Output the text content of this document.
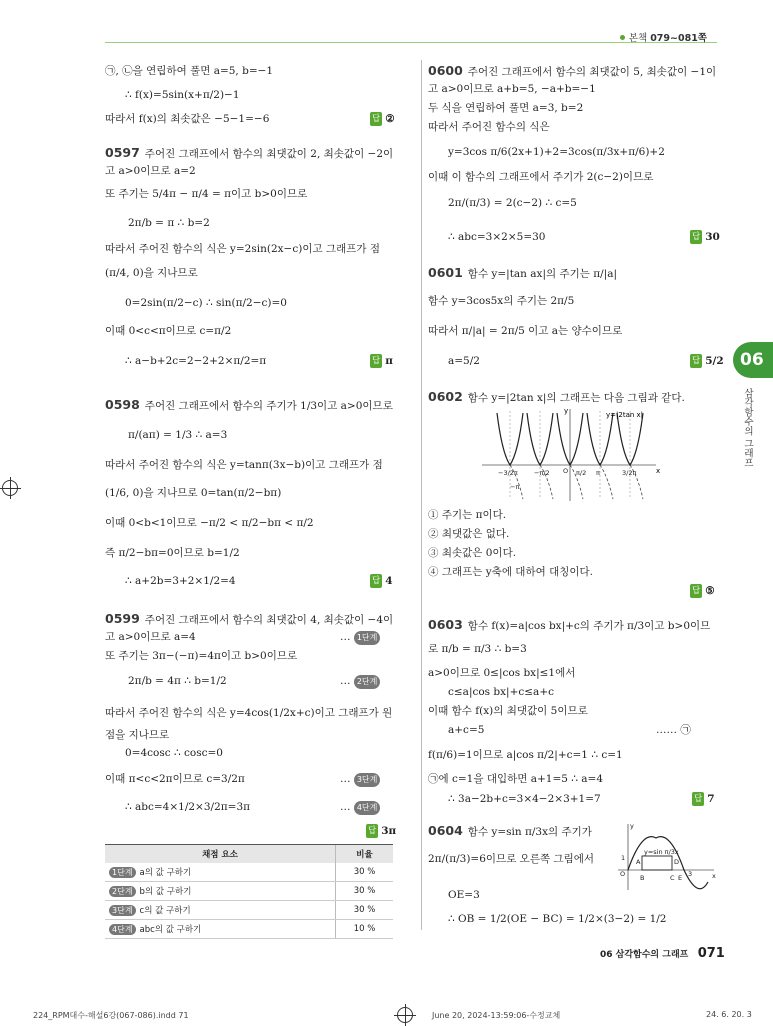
본책 079~081쪽
㉠, ㉡을 연립하여 풀면 a=5, b=−1
∴ f(x)=5sin(x+π/2)−1
따라서 f(x)의 최솟값은 −5−1=−6	답 ②
0597 주어진 그래프에서 함수의 최댓값이 2, 최솟값이 −2이
고 a>0이므로 a=2
또 주기는 5/4π − π/4 = π이고 b>0이므로
2π/b = π ∴ b=2
따라서 주어진 함수의 식은 y=2sin(2x−c)이고 그래프가 점
(π/4, 0)을 지나므로
0=2sin(π/2−c) ∴ sin(π/2−c)=0
이때 0<c<π이므로 c=π/2
∴ a−b+2c=2−2+2×π/2=π	답 π
0598 주어진 그래프에서 함수의 주기가 1/3이고 a>0이므로
π/(aπ) = 1/3 ∴ a=3
따라서 주어진 함수의 식은 y=tanπ(3x−b)이고 그래프가 점
(1/6, 0)을 지나므로 0=tan(π/2−bπ)
이때 0<b<1이므로 −π/2 < π/2−bπ < π/2
즉 π/2−bπ=0이므로 b=1/2
∴ a+2b=3+2×1/2=4	답 4
0599 주어진 그래프에서 함수의 최댓값이 4, 최솟값이 −4이
고 a>0이므로 a=4	… 1단계
또 주기는 3π−(−π)=4π이고 b>0이므로
2π/b = 4π ∴ b=1/2	… 2단계
따라서 주어진 함수의 식은 y=4cos(1/2x+c)이고 그래프가 원
점을 지나므로
0=4cosc ∴ cosc=0
이때 π<c<2π이므로 c=3/2π	… 3단계
∴ abc=4×1/2×3/2π=3π	… 4단계
답 3π
채점 요소	비율
1단계 a의 값 구하기	30 %
2단계 b의 값 구하기	30 %
3단계 c의 값 구하기	30 %
4단계 abc의 값 구하기	10 %
0600 주어진 그래프에서 함수의 최댓값이 5, 최솟값이 −1이
고 a>0이므로 a+b=5, −a+b=−1
두 식을 연립하여 풀면 a=3, b=2
따라서 주어진 함수의 식은
y=3cos π/6(2x+1)+2=3cos(π/3x+π/6)+2
이때 이 함수의 그래프에서 주기가 2(c−2)이므로
2π/(π/3) = 2(c−2) ∴ c=5
∴ abc=3×2×5=30	답 30
0601 함수 y=|tan ax|의 주기는 π/|a|
함수 y=3cos5x의 주기는 2π/5
따라서 π/|a| = 2π/5 이고 a는 양수이므로
a=5/2	답 5/2
0602 함수 y=|2tan x|의 그래프는 다음 그림과 같다.
y=|2tan x|
x
y
−3/2π
−π
−π/2 O π/2 π	3/2π
① 주기는 π이다.
② 최댓값은 없다.
③ 최솟값은 0이다.
④ 그래프는 y축에 대하여 대칭이다.
답 ⑤
0603 함수 f(x)=a|cos bx|+c의 주기가 π/3이고 b>0이므
로 π/b = π/3 ∴ b=3
a>0이므로 0≤|cos bx|≤1에서
c≤a|cos bx|+c≤a+c
이때 함수 f(x)의 최댓값이 5이므로
a+c=5	…… ㉠
f(π/6)=1이므로 a|cos π/2|+c=1 ∴ c=1
㉠에 c=1을 대입하면 a+1=5 ∴ a=4
∴ 3a−2b+c=3×4−2×3+1=7	답 7
0604 함수 y=sin π/3x의 주기가
2π/(π/3)=6이므로 오른쪽 그림에서
OE=3
∴ OB = 1/2(OE − BC) = 1/2×(3−2) = 1/2
y=sin π/3x
A	D
B	C E
O
1
3	x
y
06
삼각함수의 그래프
06 삼각함수의 그래프 071
224_RPM대수-해설6강(067-086).indd 71	June 20, 2024-13:59:06-수정교체	24. 6. 20. 3
